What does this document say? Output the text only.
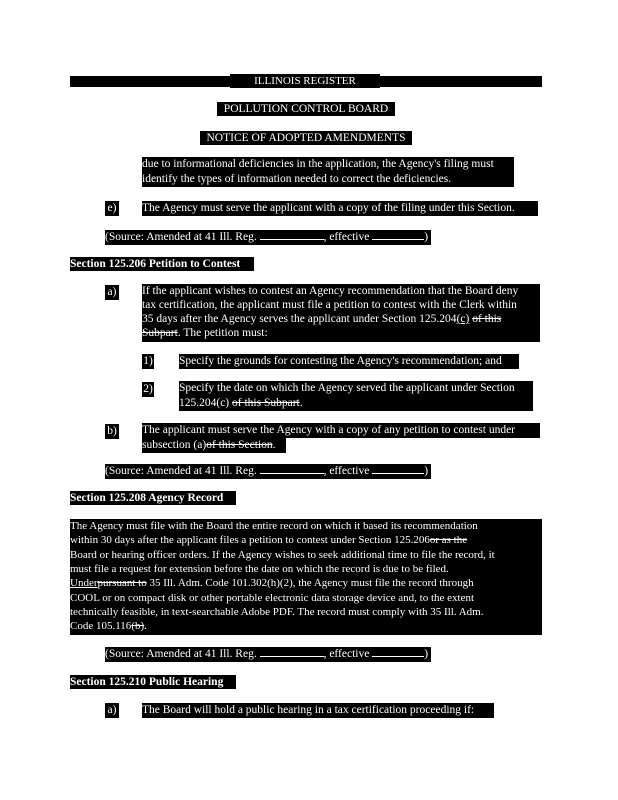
ILLINOIS REGISTER
POLLUTION CONTROL BOARD
NOTICE OF ADOPTED AMENDMENTS
due to informational deficiencies in the application, the Agency's filing must
identify the types of information needed to correct the deficiencies.
e) The Agency must serve the applicant with a copy of the filing under this Section.
(Source: Amended at 41 Ill. Reg.	, effective	)
Section 125.206 Petition to Contest
a) If the applicant wishes to contest an Agency recommendation that the Board deny
tax certification, the applicant must file a petition to contest with the Clerk within
35 days after the Agency serves the applicant under Section 125.204(c) of this
Subpart. The petition must:
1) Specify the grounds for contesting the Agency's recommendation; and
2) Specify the date on which the Agency served the applicant under Section
125.204(c) of this Subpart.
b) The applicant must serve the Agency with a copy of any petition to contest under
subsection (a)of this Section.
(Source: Amended at 41 Ill. Reg.	, effective	)
Section 125.208 Agency Record
The Agency must file with the Board the entire record on which it based its recommendation
within 30 days after the applicant files a petition to contest under Section 125.206or as the
Board or hearing officer orders. If the Agency wishes to seek additional time to file the record, it
must file a request for extension before the date on which the record is due to be filed.
Underpursuant to 35 Ill. Adm. Code 101.302(h)(2), the Agency must file the record through
COOL or on compact disk or other portable electronic data storage device and, to the extent
technically feasible, in text-searchable Adobe PDF. The record must comply with 35 Ill. Adm.
Code 105.116(b).
(Source: Amended at 41 Ill. Reg.	, effective	)
Section 125.210 Public Hearing
a) The Board will hold a public hearing in a tax certification proceeding if:
